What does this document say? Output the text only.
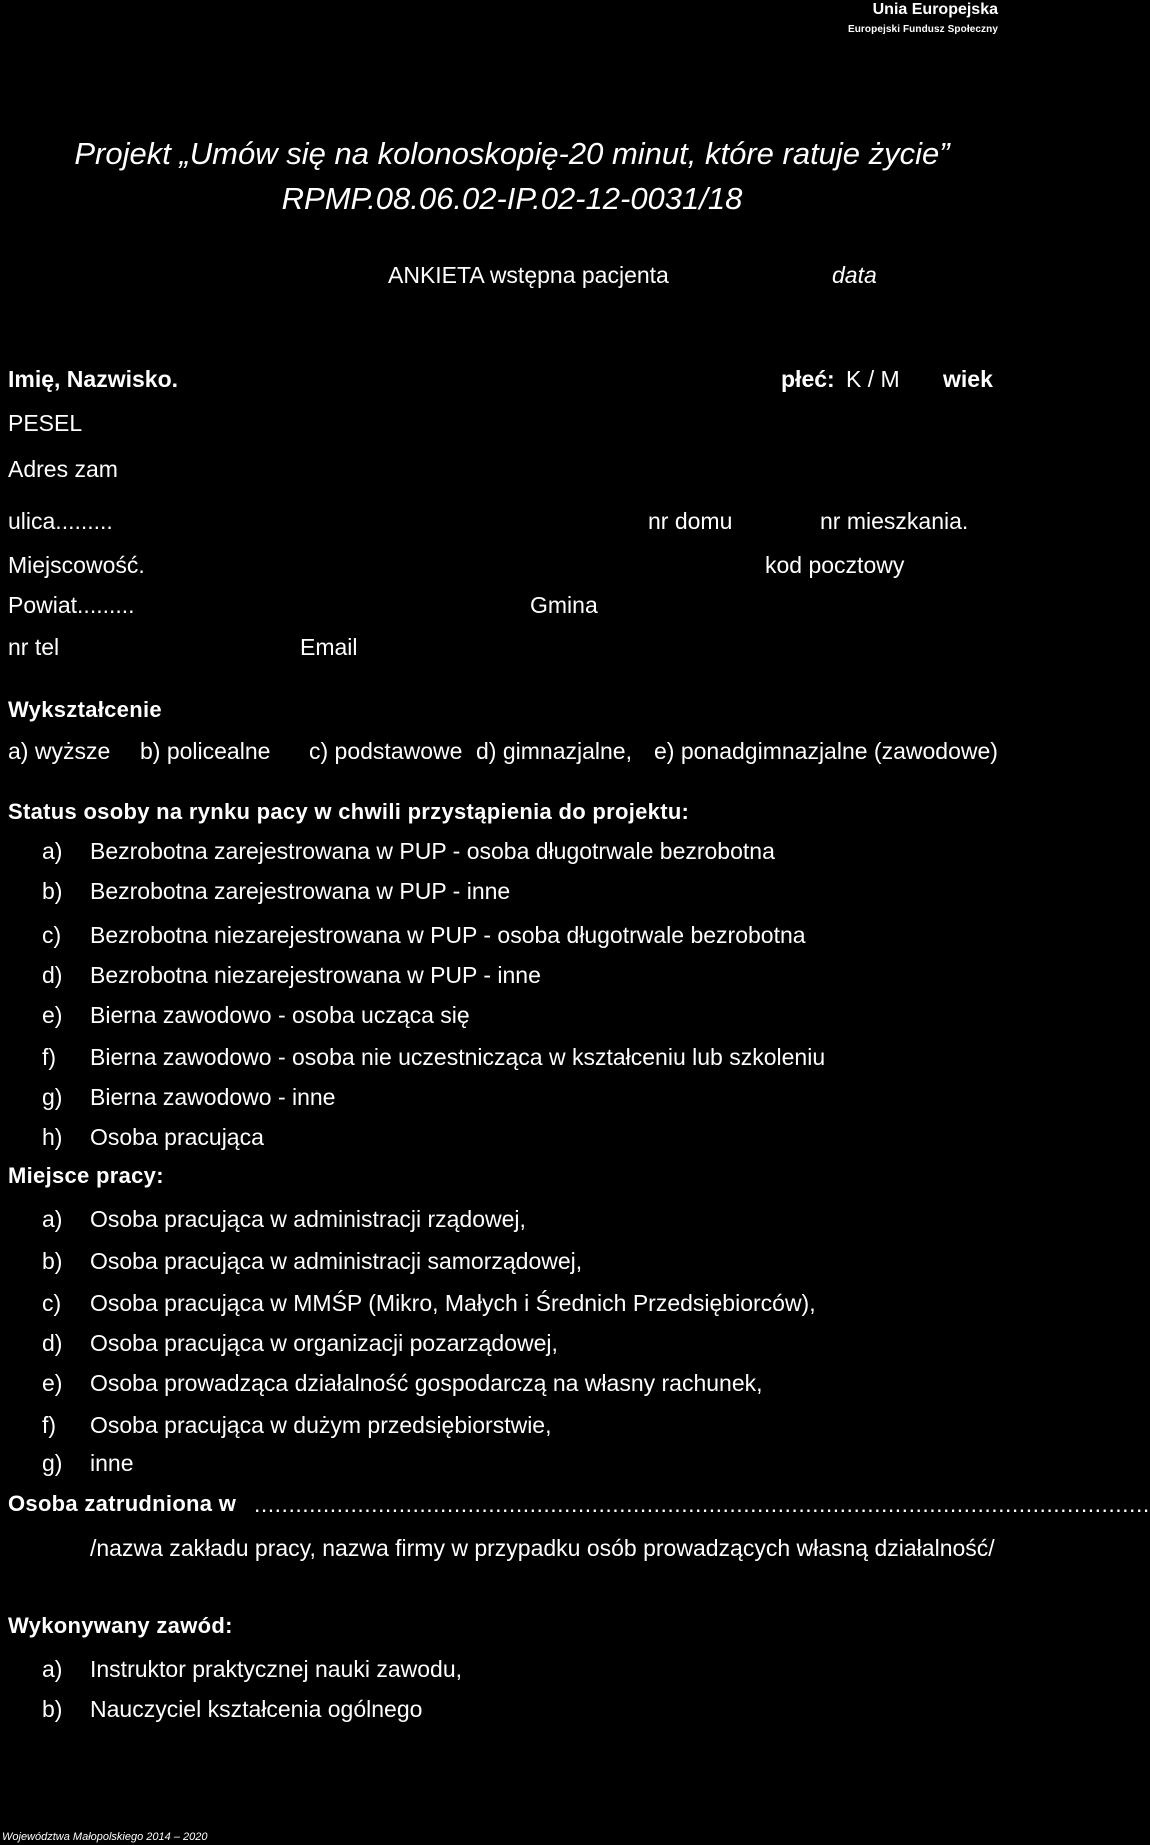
Unia Europejska
Europejski Fundusz Społeczny
Projekt „Umów się na kolonoskopię-20 minut, które ratuje życie”
RPMP.08.06.02-IP.02-12-0031/18
ANKIETA wstępna pacjenta	data
Imię, Nazwisko.	płeć: K / M wiek
PESEL
Adres zam
ulica.........	nr domu	nr mieszkania.
Miejscowość.	kod pocztowy
Powiat.........	Gmina
nr tel	Email
Wykształcenie
a) wyższe b) policealne c) podstawowe d) gimnazjalne, e) ponadgimnazjalne (zawodowe)
Status osoby na rynku pacy w chwili przystąpienia do projektu:
a) Bezrobotna zarejestrowana w PUP - osoba długotrwale bezrobotna
b) Bezrobotna zarejestrowana w PUP - inne
c) Bezrobotna niezarejestrowana w PUP - osoba długotrwale bezrobotna
d) Bezrobotna niezarejestrowana w PUP - inne
e) Bierna zawodowo - osoba ucząca się
f) Bierna zawodowo - osoba nie uczestnicząca w kształceniu lub szkoleniu
g) Bierna zawodowo - inne
h) Osoba pracująca
Miejsce pracy:
a) Osoba pracująca w administracji rządowej,
b) Osoba pracująca w administracji samorządowej,
c) Osoba pracująca w MMŚP (Mikro, Małych i Średnich Przedsiębiorców),
d) Osoba pracująca w organizacji pozarządowej,
e) Osoba prowadząca działalność gospodarczą na własny rachunek,
f) Osoba pracująca w dużym przedsiębiorstwie,
g) inne
Osoba zatrudniona w ..................................................................................................................................
/nazwa zakładu pracy, nazwa firmy w przypadku osób prowadzących własną działalność/
Wykonywany zawód:
a) Instruktor praktycznej nauki zawodu,
b) Nauczyciel kształcenia ogólnego
Województwa Małopolskiego 2014 – 2020
